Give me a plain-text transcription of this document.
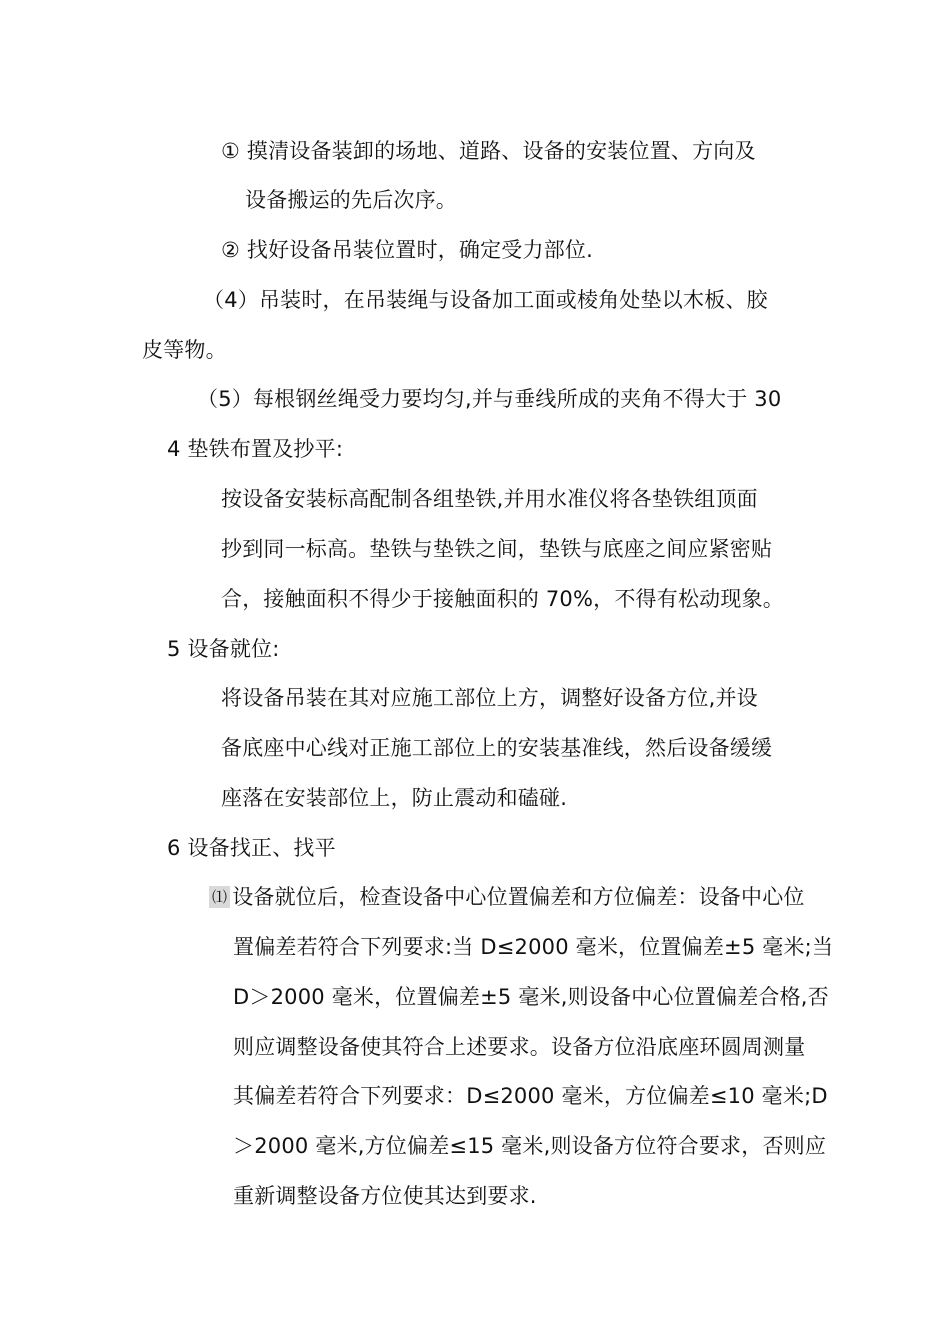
① 摸清设备装卸的场地、道路、设备的安装位置、方向及
设备搬运的先后次序。
② 找好设备吊装位置时，确定受力部位.
（4）吊装时，在吊装绳与设备加工面或棱角处垫以木板、胶
皮等物。
（5）每根钢丝绳受力要均匀,并与垂线所成的夹角不得大于 30
4 垫铁布置及抄平:
按设备安装标高配制各组垫铁,并用水准仪将各垫铁组顶面
抄到同一标高。垫铁与垫铁之间，垫铁与底座之间应紧密贴
合，接触面积不得少于接触面积的 70%，不得有松动现象。
5 设备就位:
将设备吊装在其对应施工部位上方，调整好设备方位,并设
备底座中心线对正施工部位上的安装基准线，然后设备缓缓
座落在安装部位上，防止震动和磕碰.
6 设备找正、找平
⑴ 设备就位后，检查设备中心位置偏差和方位偏差：设备中心位
置偏差若符合下列要求:当 D≤2000 毫米，位置偏差±5 毫米;当
D＞2000 毫米，位置偏差±5 毫米,则设备中心位置偏差合格,否
则应调整设备使其符合上述要求。设备方位沿底座环圆周测量
其偏差若符合下列要求：D≤2000 毫米，方位偏差≤10 毫米;D
＞2000 毫米,方位偏差≤15 毫米,则设备方位符合要求，否则应
重新调整设备方位使其达到要求.
